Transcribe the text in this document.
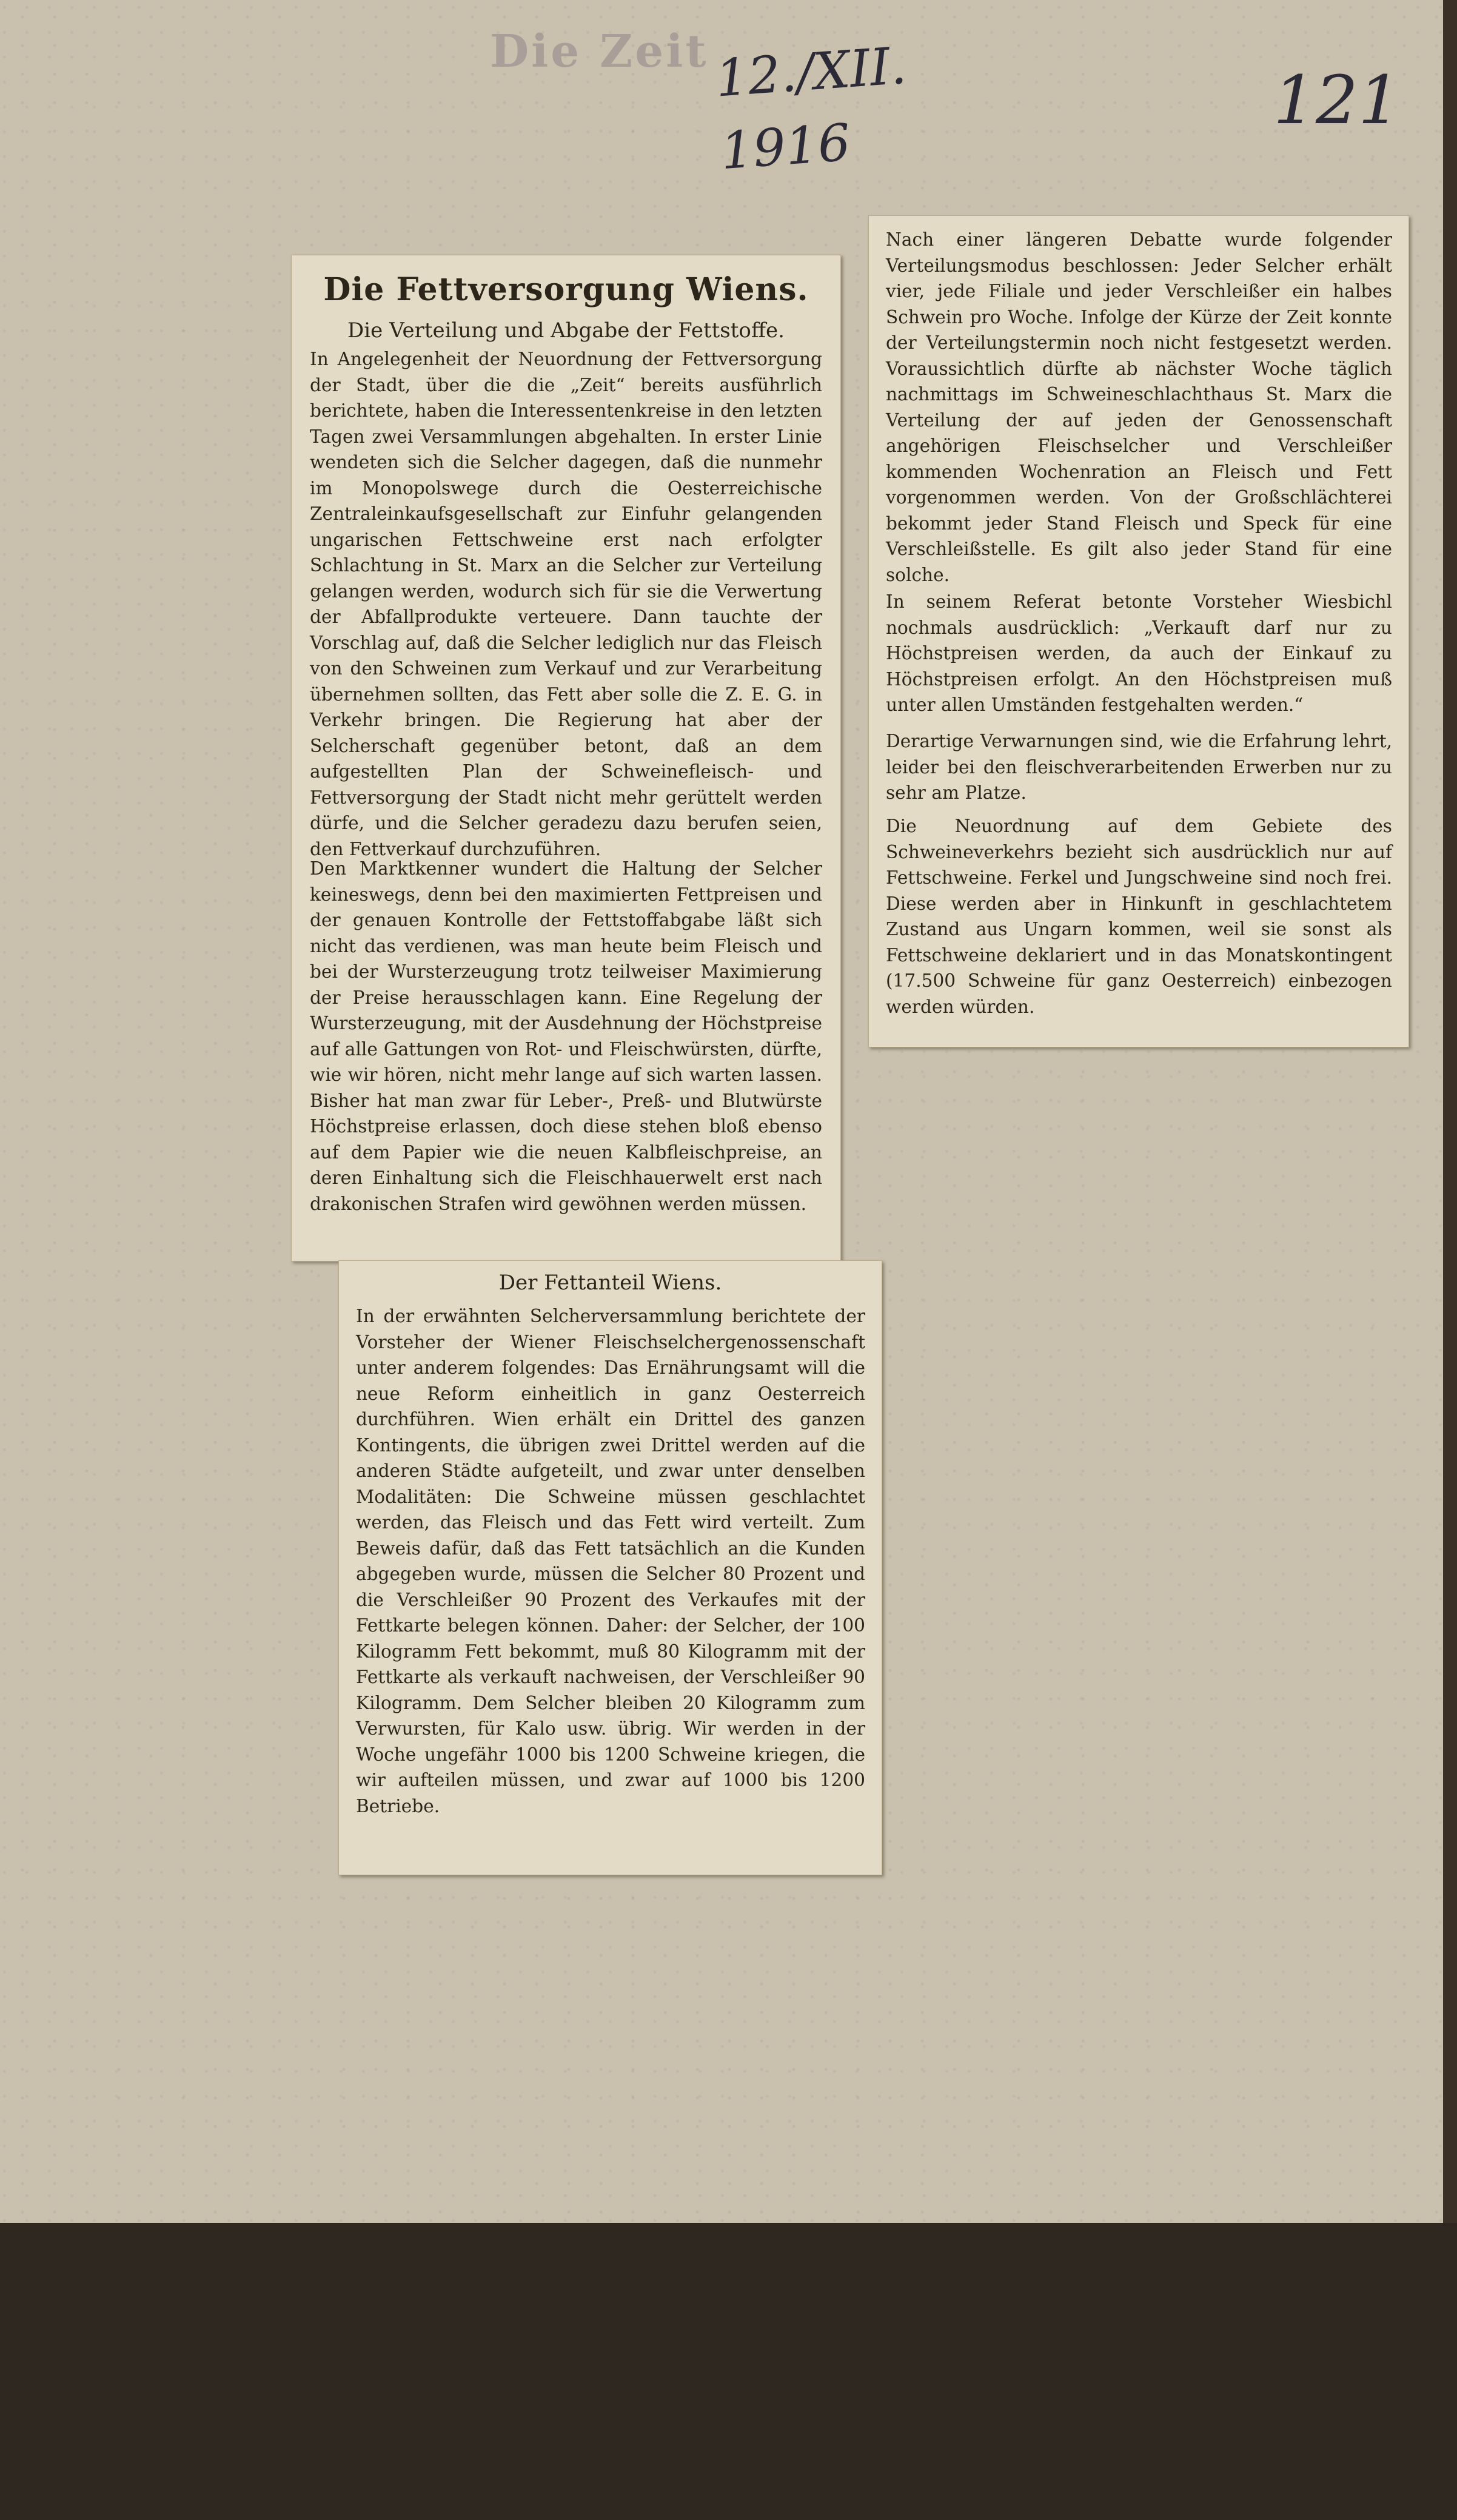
Die Zeit 12./XII. 1916
121
Die Fettversorgung Wiens.
Die Verteilung und Abgabe der Fettstoffe.
In Angelegenheit der Neuordnung der Fettversorgung der Stadt, über die die „Zeit“ bereits ausführlich berichtete, haben die Interessentenkreise in den letzten Tagen zwei Versammlungen abgehalten. In erster Linie wendeten sich die Selcher dagegen, daß die nunmehr im Monopolswege durch die Oesterreichische Zentraleinkaufsgesellschaft zur Einfuhr gelangenden ungarischen Fettschweine erst nach erfolgter Schlachtung in St. Marx an die Selcher zur Verteilung gelangen werden, wodurch sich für sie die Verwertung der Abfallprodukte verteuere. Dann tauchte der Vorschlag auf, daß die Selcher lediglich nur das Fleisch von den Schweinen zum Verkauf und zur Verarbeitung übernehmen sollten, das Fett aber solle die Z. E. G. in Verkehr bringen. Die Regierung hat aber der Selcherschaft gegenüber betont, daß an dem aufgestellten Plan der Schweinefleisch- und Fettversorgung der Stadt nicht mehr gerüttelt werden dürfe, und die Selcher geradezu dazu berufen seien, den Fettverkauf durchzuführen.
Den Marktkenner wundert die Haltung der Selcher keineswegs, denn bei den maximierten Fettpreisen und der genauen Kontrolle der Fettstoffabgabe läßt sich nicht das verdienen, was man heute beim Fleisch und bei der Wursterzeugung trotz teilweiser Maximierung der Preise herausschlagen kann. Eine Regelung der Wursterzeugung, mit der Ausdehnung der Höchstpreise auf alle Gattungen von Rot- und Fleischwürsten, dürfte, wie wir hören, nicht mehr lange auf sich warten lassen. Bisher hat man zwar für Leber-, Preß- und Blutwürste Höchstpreise erlassen, doch diese stehen bloß ebenso auf dem Papier wie die neuen Kalbfleischpreise, an deren Einhaltung sich die Fleischhauerwelt erst nach drakonischen Strafen wird gewöhnen werden müssen.
Der Fettanteil Wiens.
In der erwähnten Selcherversammlung berichtete der Vorsteher der Wiener Fleischselchergenossenschaft unter anderem folgendes: Das Ernährungsamt will die neue Reform einheitlich in ganz Oesterreich durchführen. Wien erhält ein Drittel des ganzen Kontingents, die übrigen zwei Drittel werden auf die anderen Städte aufgeteilt, und zwar unter denselben Modalitäten: Die Schweine müssen geschlachtet werden, das Fleisch und das Fett wird verteilt. Zum Beweis dafür, daß das Fett tatsächlich an die Kunden abgegeben wurde, müssen die Selcher 80 Prozent und die Verschleißer 90 Prozent des Verkaufes mit der Fettkarte belegen können. Daher: der Selcher, der 100 Kilogramm Fett bekommt, muß 80 Kilogramm mit der Fettkarte als verkauft nachweisen, der Verschleißer 90 Kilogramm. Dem Selcher bleiben 20 Kilogramm zum Verwursten, für Kalo usw. übrig. Wir werden in der Woche ungefähr 1000 bis 1200 Schweine kriegen, die wir aufteilen müssen, und zwar auf 1000 bis 1200 Betriebe.
Nach einer längeren Debatte wurde folgender Verteilungsmodus beschlossen: Jeder Selcher erhält vier, jede Filiale und jeder Verschleißer ein halbes Schwein pro Woche. Infolge der Kürze der Zeit konnte der Verteilungstermin noch nicht festgesetzt werden. Voraussichtlich dürfte ab nächster Woche täglich nachmittags im Schweineschlachthaus St. Marx die Verteilung der auf jeden der Genossenschaft angehörigen Fleischselcher und Verschleißer kommenden Wochenration an Fleisch und Fett vorgenommen werden. Von der Großschlächterei bekommt jeder Stand Fleisch und Speck für eine Verschleißstelle. Es gilt also jeder Stand für eine solche.
In seinem Referat betonte Vorsteher Wiesbichl nochmals ausdrücklich: „Verkauft darf nur zu Höchstpreisen werden, da auch der Einkauf zu Höchstpreisen erfolgt. An den Höchstpreisen muß unter allen Umständen festgehalten werden.“
Derartige Verwarnungen sind, wie die Erfahrung lehrt, leider bei den fleischverarbeitenden Erwerben nur zu sehr am Platze.
Die Neuordnung auf dem Gebiete des Schweineverkehrs bezieht sich ausdrücklich nur auf Fettschweine. Ferkel und Jungschweine sind noch frei. Diese werden aber in Hinkunft in geschlachtetem Zustand aus Ungarn kommen, weil sie sonst als Fettschweine deklariert und in das Monatskontingent (17.500 Schweine für ganz Oesterreich) einbezogen werden würden.
